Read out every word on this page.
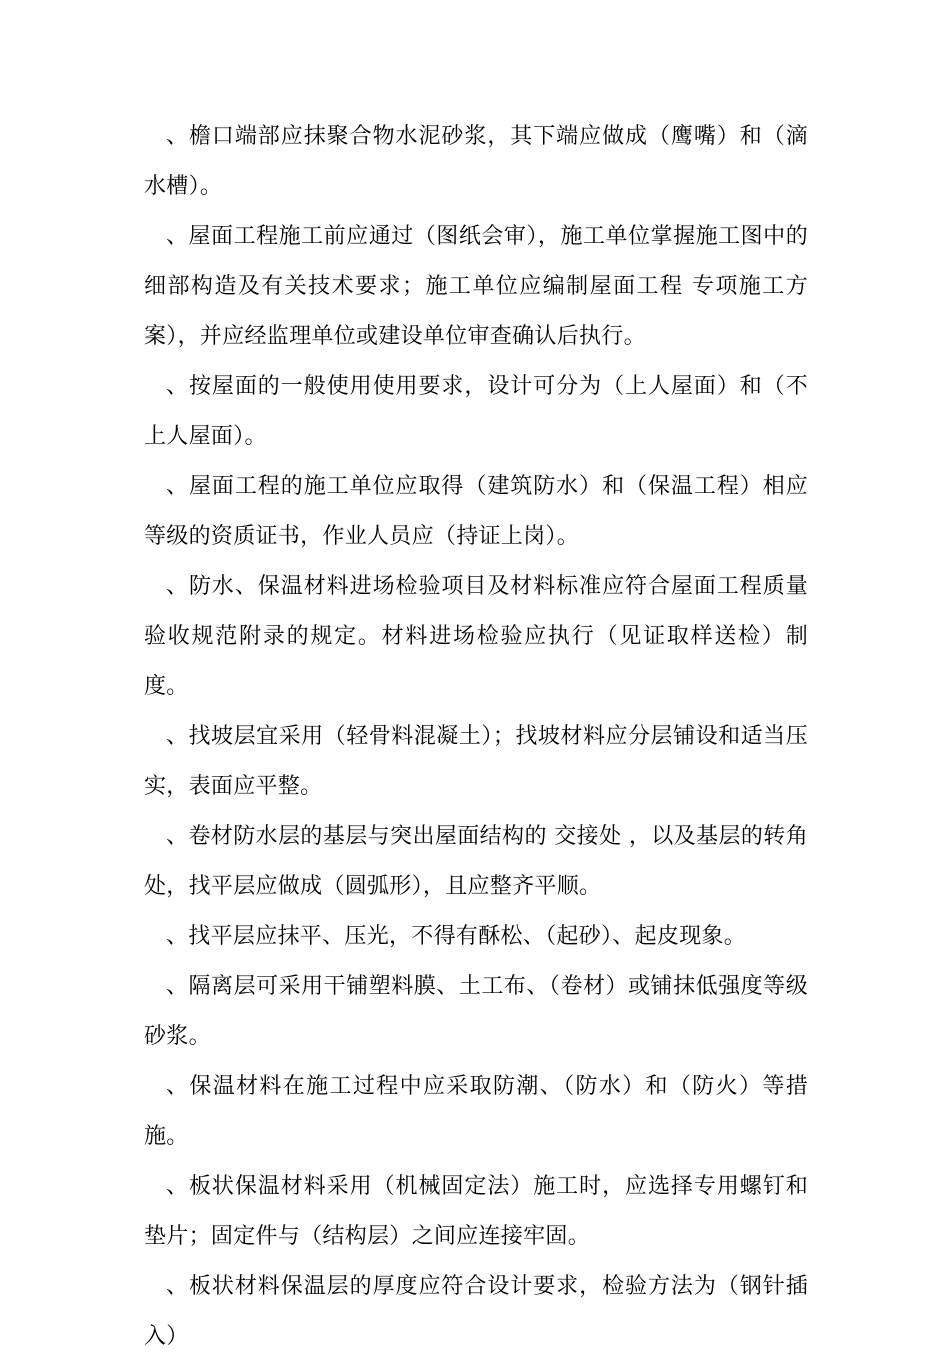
、檐口端部应抹聚合物水泥砂浆，其下端应做成（鹰嘴）和（滴水槽）。

、屋面工程施工前应通过（图纸会审），施工单位掌握施工图中的细部构造及有关技术要求；施工单位应编制屋面工程 专项施工方案），并应经监理单位或建设单位审查确认后执行。

、按屋面的一般使用使用要求，设计可分为（上人屋面）和（不上人屋面）。

、屋面工程的施工单位应取得（建筑防水）和（保温工程）相应等级的资质证书，作业人员应（持证上岗）。

、防水、保温材料进场检验项目及材料标准应符合屋面工程质量验收规范附录的规定。材料进场检验应执行（见证取样送检）制度。

、找坡层宜采用（轻骨料混凝土）；找坡材料应分层铺设和适当压实，表面应平整。

、卷材防水层的基层与突出屋面结构的 交接处 ，以及基层的转角处，找平层应做成（圆弧形），且应整齐平顺。

、找平层应抹平、压光，不得有酥松、（起砂）、起皮现象。

、隔离层可采用干铺塑料膜、土工布、（卷材）或铺抹低强度等级砂浆。

、保温材料在施工过程中应采取防潮、（防水）和（防火）等措施。

、板状保温材料采用（机械固定法）施工时，应选择专用螺钉和垫片；固定件与（结构层）之间应连接牢固。

、板状材料保温层的厚度应符合设计要求，检验方法为（钢针插入）
